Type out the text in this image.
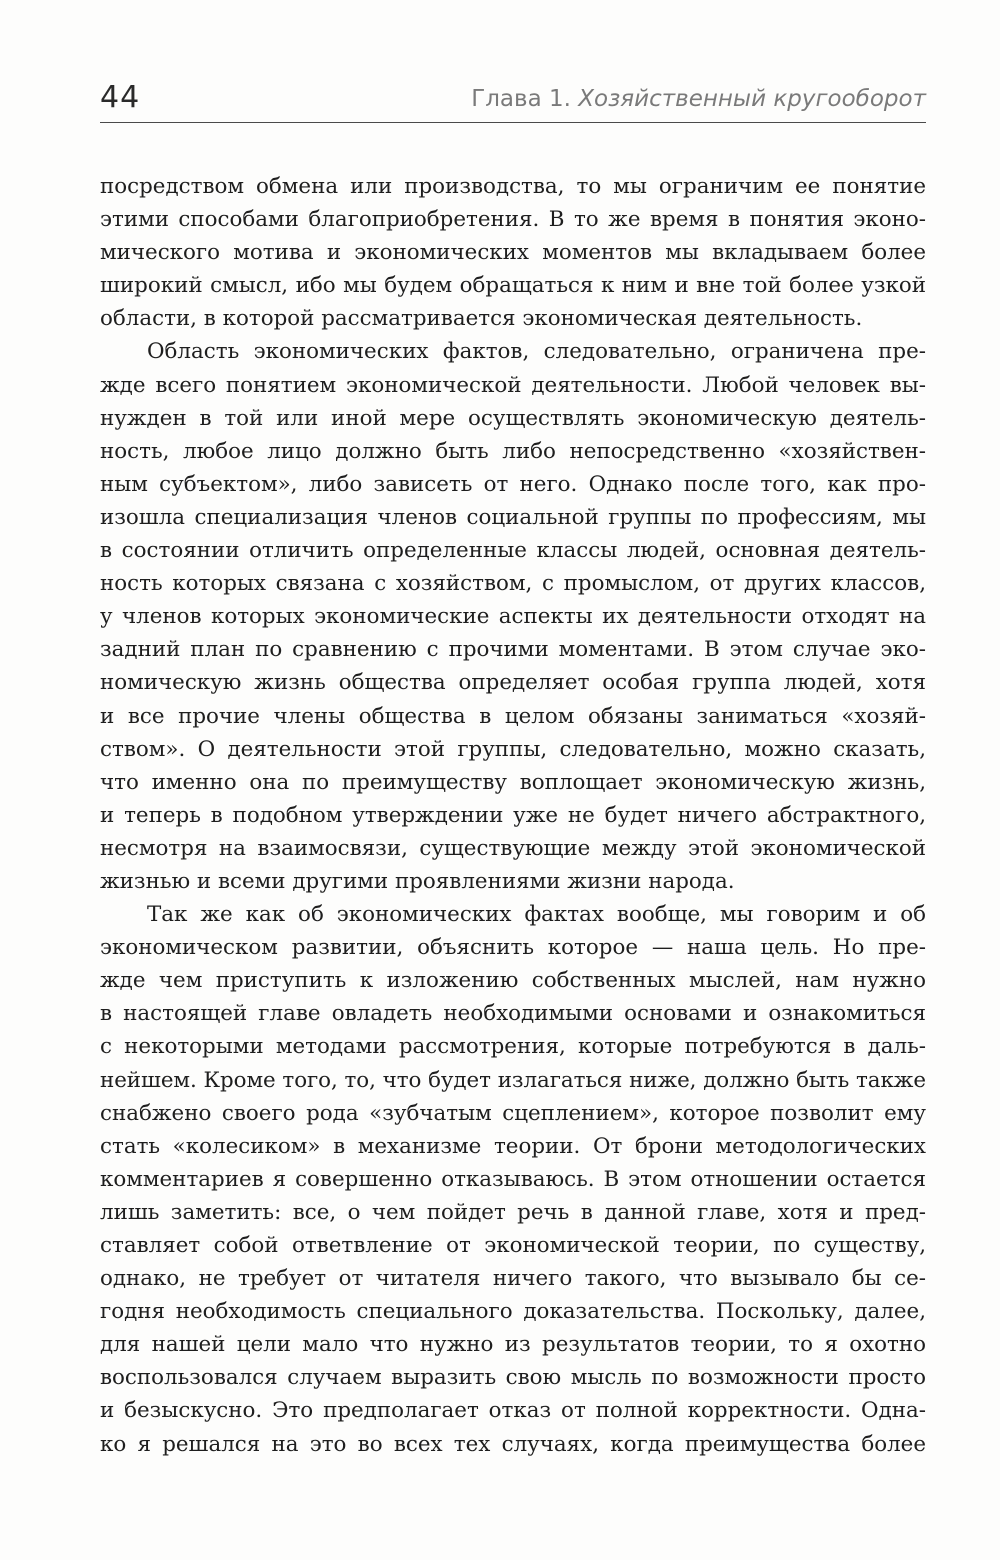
44	Глава 1. Хозяйственный кругооборот
посредством обмена или производства, то мы ограничим ее понятие
этими способами благоприобретения. В то же время в понятия эконо-
мического мотива и экономических моментов мы вкладываем более
широкий смысл, ибо мы будем обращаться к ним и вне той более узкой
области, в которой рассматривается экономическая деятельность.
Область экономических фактов, следовательно, ограничена пре-
жде всего понятием экономической деятельности. Любой человек вы-
нужден в той или иной мере осуществлять экономическую деятель-
ность, любое лицо должно быть либо непосредственно «хозяйствен-
ным субъектом», либо зависеть от него. Однако после того, как про-
изошла специализация членов социальной группы по профессиям, мы
в состоянии отличить определенные классы людей, основная деятель-
ность которых связана с хозяйством, с промыслом, от других классов,
у членов которых экономические аспекты их деятельности отходят на
задний план по сравнению с прочими моментами. В этом случае эко-
номическую жизнь общества определяет особая группа людей, хотя
и все прочие члены общества в целом обязаны заниматься «хозяй-
ством». О деятельности этой группы, следовательно, можно сказать,
что именно она по преимуществу воплощает экономическую жизнь,
и теперь в подобном утверждении уже не будет ничего абстрактного,
несмотря на взаимосвязи, существующие между этой экономической
жизнью и всеми другими проявлениями жизни народа.
Так же как об экономических фактах вообще, мы говорим и об
экономическом развитии, объяснить которое — наша цель. Но пре-
жде чем приступить к изложению собственных мыслей, нам нужно
в настоящей главе овладеть необходимыми основами и ознакомиться
с некоторыми методами рассмотрения, которые потребуются в даль-
нейшем. Кроме того, то, что будет излагаться ниже, должно быть также
снабжено своего рода «зубчатым сцеплением», которое позволит ему
стать «колесиком» в механизме теории. От брони методологических
комментариев я совершенно отказываюсь. В этом отношении остается
лишь заметить: все, о чем пойдет речь в данной главе, хотя и пред-
ставляет собой ответвление от экономической теории, по существу,
однако, не требует от читателя ничего такого, что вызывало бы се-
годня необходимость специального доказательства. Поскольку, далее,
для нашей цели мало что нужно из результатов теории, то я охотно
воспользовался случаем выразить свою мысль по возможности просто
и безыскусно. Это предполагает отказ от полной корректности. Одна-
ко я решался на это во всех тех случаях, когда преимущества более
